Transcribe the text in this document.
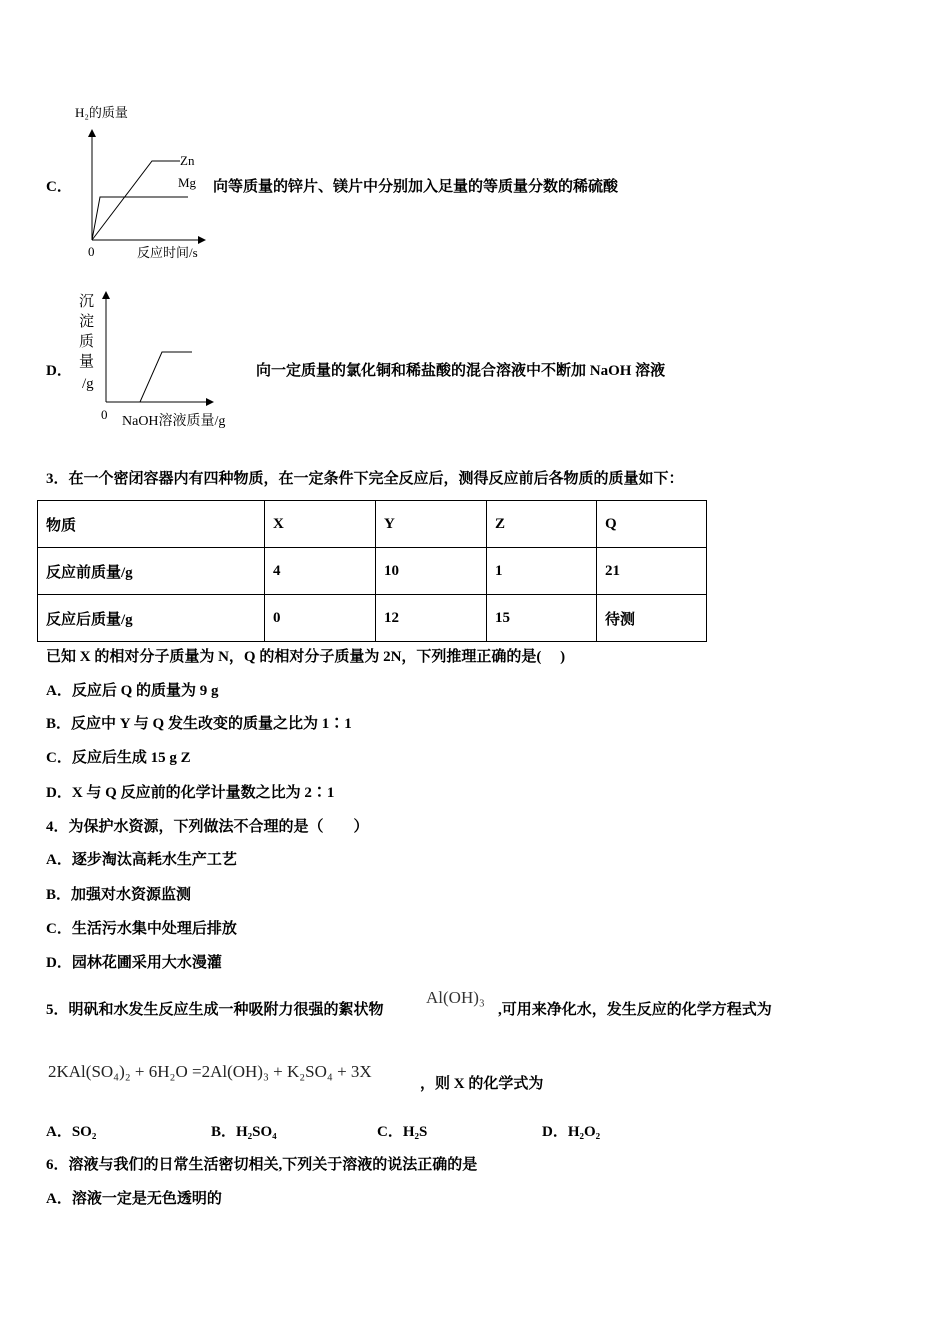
C．
H₂的质量
Zn
Mg
0	反应时间/s
向等质量的锌片、镁片中分别加入足量的等质量分数的稀硫酸
D．
沉
淀
质
量
/g
0 NaOH溶液质量/g
向一定质量的氯化铜和稀盐酸的混合溶液中不断加 NaOH 溶液
3．在一个密闭容器内有四种物质，在一定条件下完全反应后，测得反应前后各物质的质量如下：
物质	X	Y	Z	Q
反应前质量/g	4	10	1	21
反应后质量/g	0	12	15	待测
已知 X 的相对分子质量为 N，Q 的相对分子质量为 2N，下列推理正确的是(　 )
A．反应后 Q 的质量为 9 g
B．反应中 Y 与 Q 发生改变的质量之比为 1∶1
C．反应后生成 15 g Z
D．X 与 Q 反应前的化学计量数之比为 2∶1
4．为保护水资源，下列做法不合理的是（　　）
A．逐步淘汰高耗水生产工艺
B．加强对水资源监测
C．生活污水集中处理后排放
D．园林花圃采用大水漫灌
5．明矾和水发生反应生成一种吸附力很强的絮状物
Al(OH)₃
,可用来净化水，发生反应的化学方程式为
2KAl(SO₄)₂ + 6H₂O =2Al(OH)₃ + K₂SO₄ + 3X
，则 X 的化学式为
A．SO₂	B．H₂SO₄	C．H₂S	D．H₂O₂
6．溶液与我们的日常生活密切相关,下列关于溶液的说法正确的是
A．溶液一定是无色透明的
